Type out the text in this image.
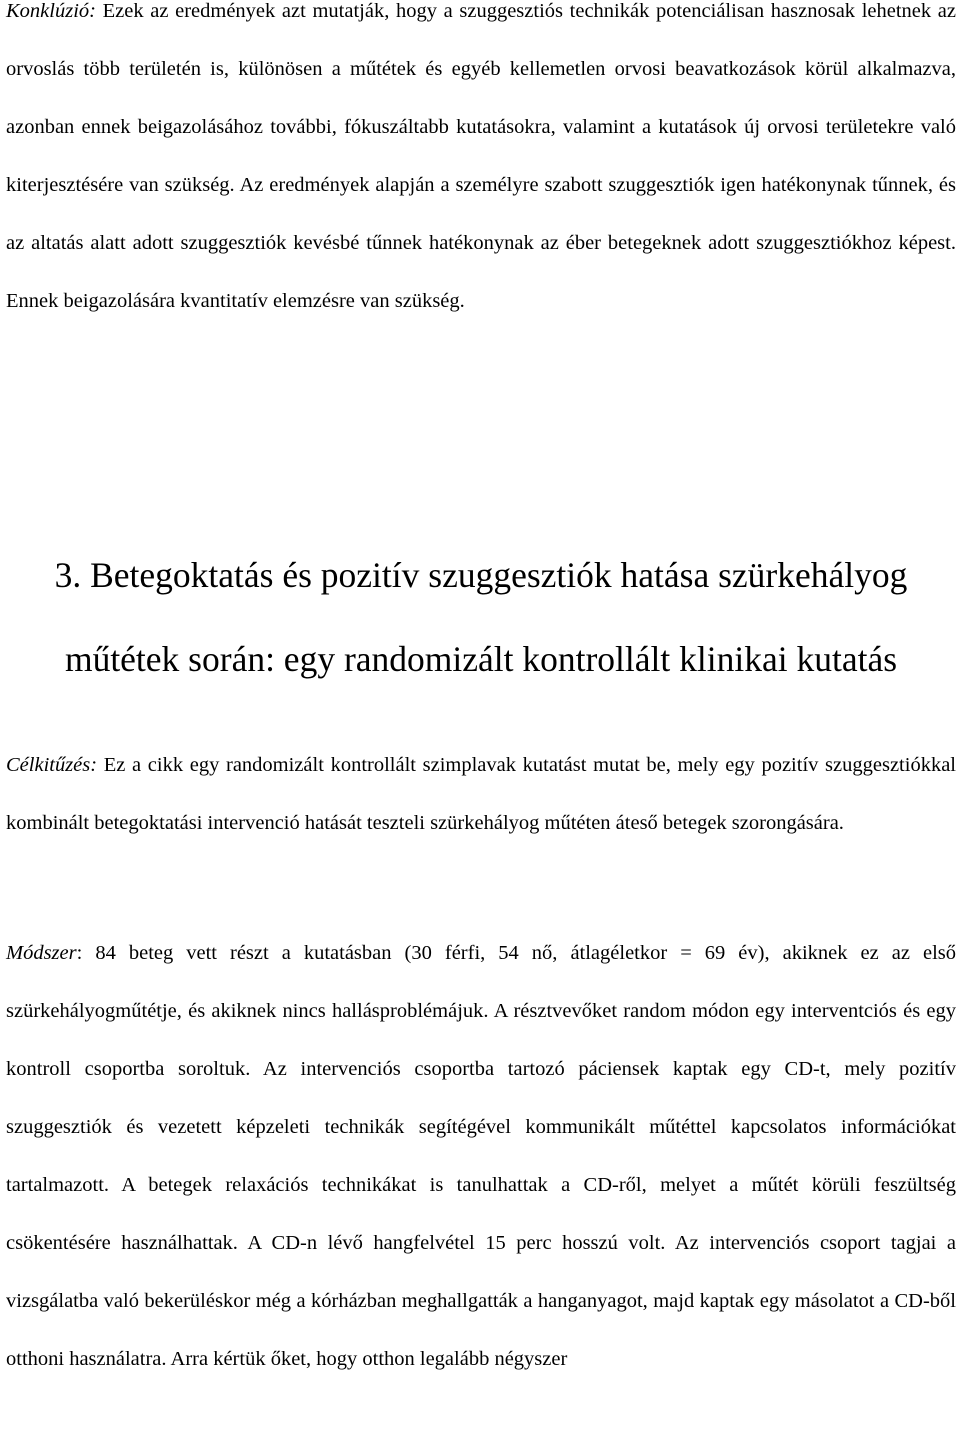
Konklúzió: Ezek az eredmények azt mutatják, hogy a szuggesztiós technikák potenciálisan hasznosak lehetnek az orvoslás több területén is, különösen a műtétek és egyéb kellemetlen orvosi beavatkozások körül alkalmazva, azonban ennek beigazolásához további, fókuszáltabb kutatásokra, valamint a kutatások új orvosi területekre való kiterjesztésére van szükség. Az eredmények alapján a személyre szabott szuggesztiók igen hatékonynak tűnnek, és az altatás alatt adott szuggesztiók kevésbé tűnnek hatékonynak az éber betegeknek adott szuggesztiókhoz képest. Ennek beigazolására kvantitatív elemzésre van szükség.

3. Betegoktatás és pozitív szuggesztiók hatása szürkehályog műtétek során: egy randomizált kontrollált klinikai kutatás

Célkitűzés: Ez a cikk egy randomizált kontrollált szimplavak kutatást mutat be, mely egy pozitív szuggesztiókkal kombinált betegoktatási intervenció hatását teszteli szürkehályog műtéten áteső betegek szorongására.

Módszer: 84 beteg vett részt a kutatásban (30 férfi, 54 nő, átlagéletkor = 69 év), akiknek ez az első szürkehályogműtétje, és akiknek nincs hallásproblémájuk. A résztvevőket random módon egy interventciós és egy kontroll csoportba soroltuk. Az intervenciós csoportba tartozó páciensek kaptak egy CD-t, mely pozitív szuggesztiók és vezetett képzeleti technikák segítégével kommunikált műtéttel kapcsolatos információkat tartalmazott. A betegek relaxációs technikákat is tanulhattak a CD-ről, melyet a műtét körüli feszültség csökentésére használhattak. A CD-n lévő hangfelvétel 15 perc hosszú volt. Az intervenciós csoport tagjai a vizsgálatba való bekerüléskor még a kórházban meghallgatták a hanganyagot, majd kaptak egy másolatot a CD-ből otthoni használatra. Arra kértük őket, hogy otthon legalább négyszer
